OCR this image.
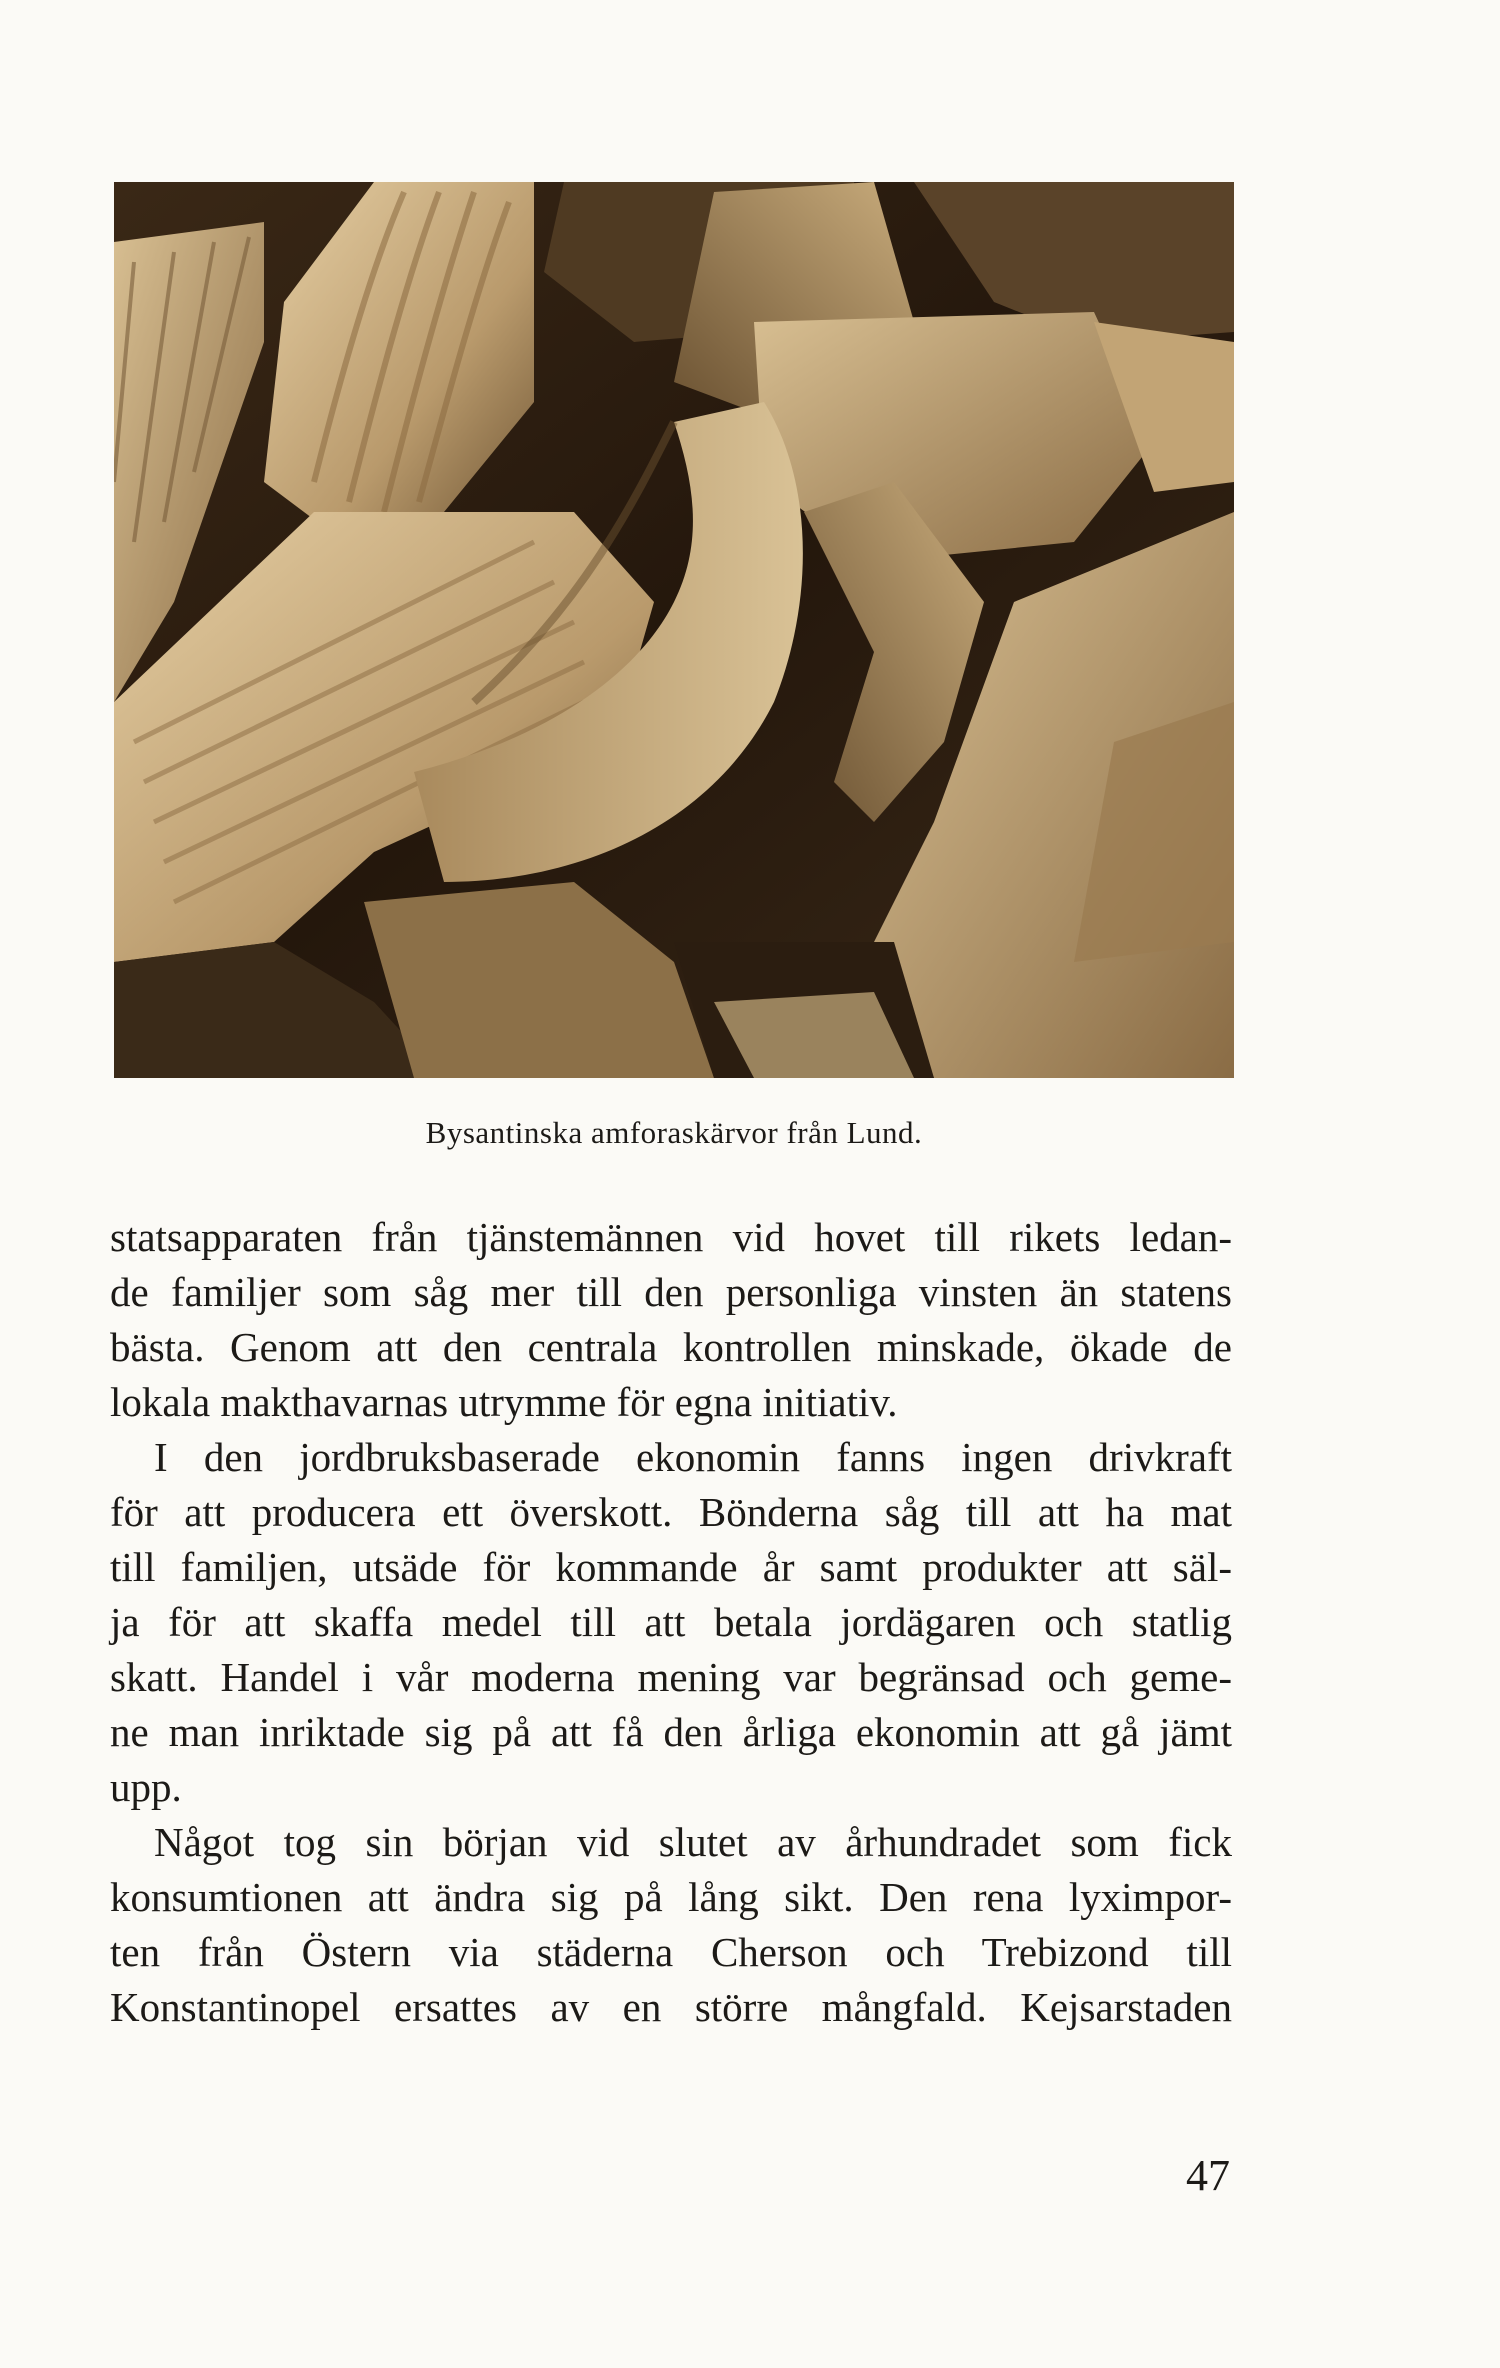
Bysantinska amforaskärvor från Lund.

statsapparaten från tjänstemännen vid hovet till rikets ledan-
de familjer som såg mer till den personliga vinsten än statens
bästa. Genom att den centrala kontrollen minskade, ökade de
lokala makthavarnas utrymme för egna initiativ.

I den jordbruksbaserade ekonomin fanns ingen drivkraft
för att producera ett överskott. Bönderna såg till att ha mat
till familjen, utsäde för kommande år samt produkter att säl-
ja för att skaffa medel till att betala jordägaren och statlig
skatt. Handel i vår moderna mening var begränsad och geme-
ne man inriktade sig på att få den årliga ekonomin att gå jämt
upp.

Något tog sin början vid slutet av århundradet som fick
konsumtionen att ändra sig på lång sikt. Den rena lyximpor-
ten från Östern via städerna Cherson och Trebizond till
Konstantinopel ersattes av en större mångfald. Kejsarstaden

47
